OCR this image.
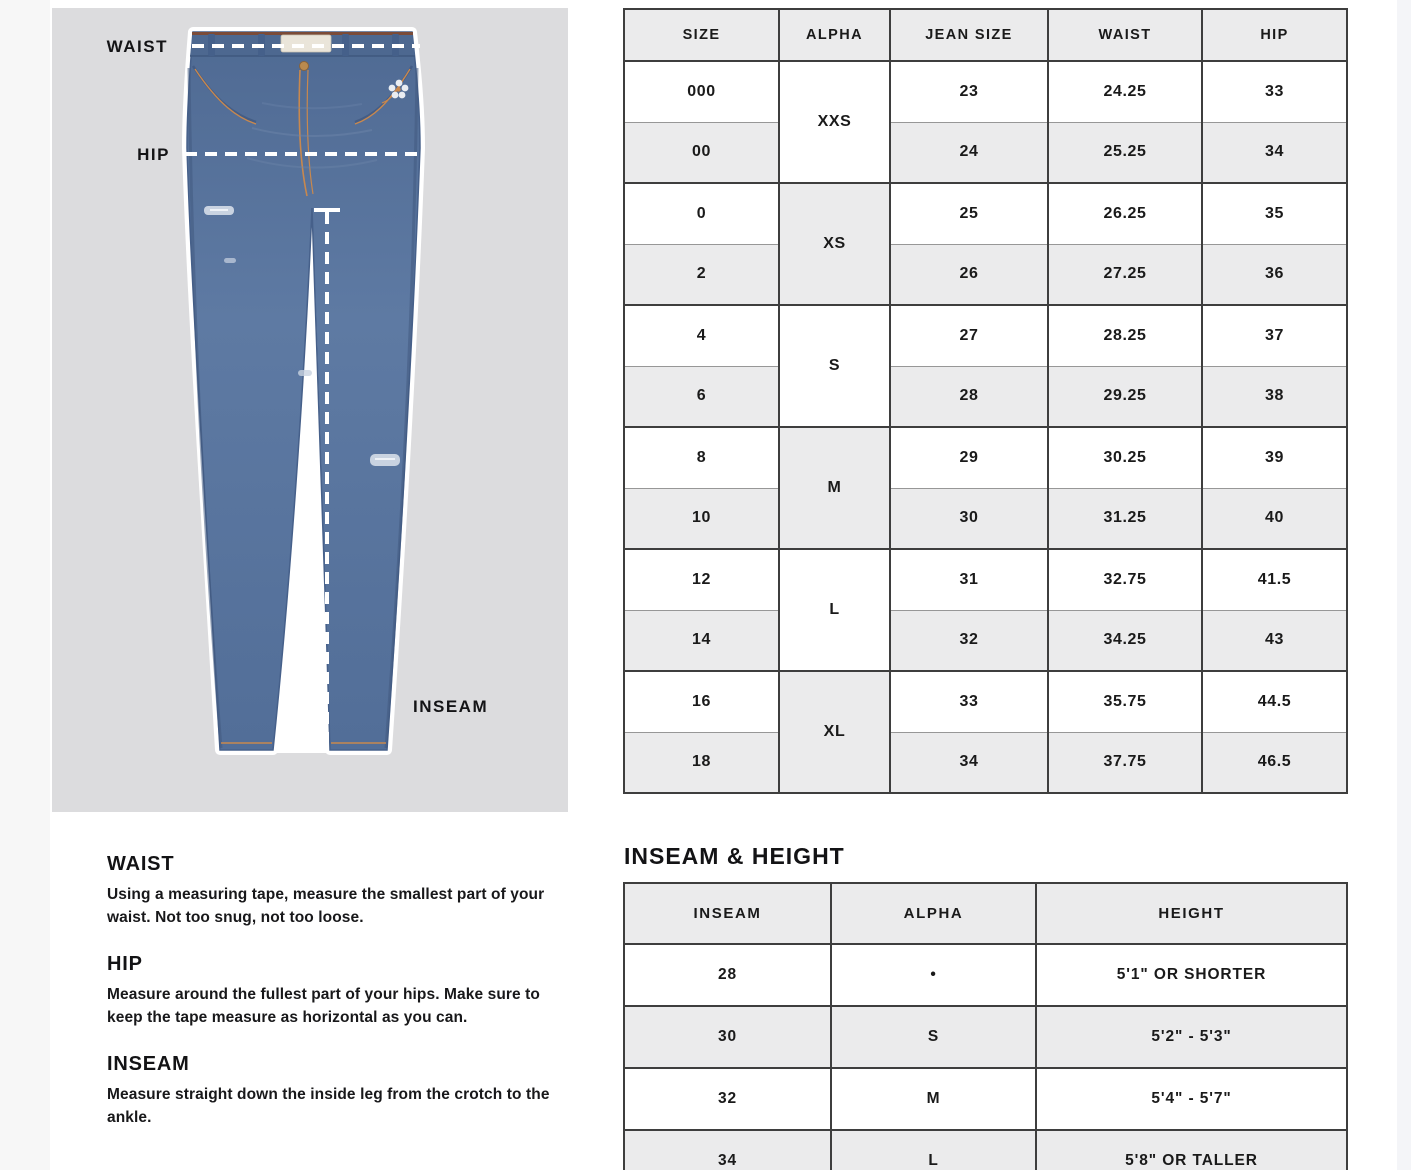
WAIST
HIP
INSEAM
SIZE	ALPHA	JEAN SIZE	WAIST	HIP
000	XXS	23	24.25	33
00		24	25.25	34
0	XS	25	26.25	35
2		26	27.25	36
4	S	27	28.25	37
6		28	29.25	38
8	M	29	30.25	39
10		30	31.25	40
12	L	31	32.75	41.5
14		32	34.25	43
16	XL	33	35.75	44.5
18		34	37.75	46.5
WAIST

Using a measuring tape, measure the smallest part of your waist. Not too snug, not too loose.

HIP

Measure around the fullest part of your hips. Make sure to keep the tape measure as horizontal as you can.

INSEAM

Measure straight down the inside leg from the crotch to the ankle.

INSEAM & HEIGHT
INSEAM	ALPHA	HEIGHT
28	•	5'1" OR SHORTER
30	S	5'2" - 5'3"
32	M	5'4" - 5'7"
34	L	5'8" OR TALLER
